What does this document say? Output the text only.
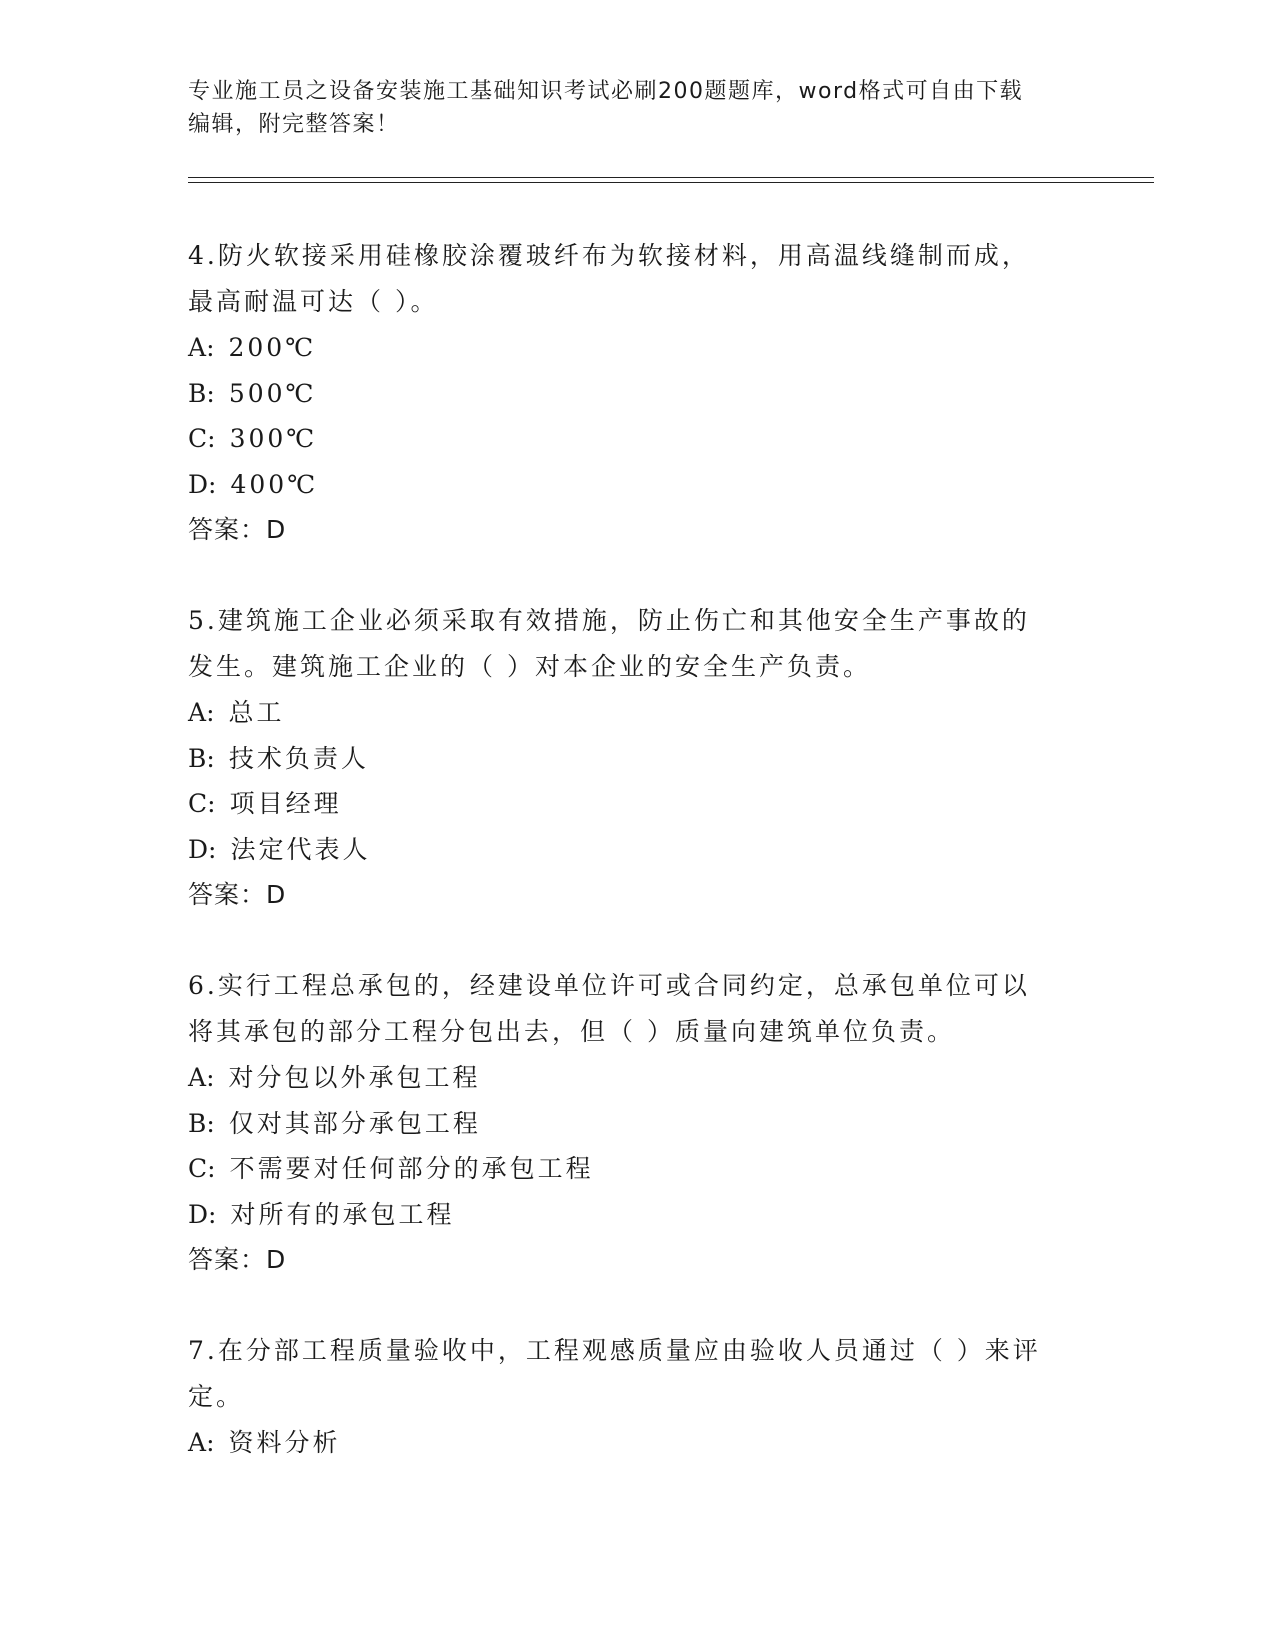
专业施工员之设备安装施工基础知识考试必刷200题题库，word格式可自由下载
编辑，附完整答案！
4.防火软接采用硅橡胶涂覆玻纤布为软接材料，用高温线缝制而成，
最高耐温可达（ ）。
A: 200℃
B: 500℃
C: 300℃
D: 400℃
答案：D
5.建筑施工企业必须采取有效措施，防止伤亡和其他安全生产事故的
发生。建筑施工企业的（ ）对本企业的安全生产负责。
A: 总工
B: 技术负责人
C: 项目经理
D: 法定代表人
答案：D
6.实行工程总承包的，经建设单位许可或合同约定，总承包单位可以
将其承包的部分工程分包出去，但（ ）质量向建筑单位负责。
A: 对分包以外承包工程
B: 仅对其部分承包工程
C: 不需要对任何部分的承包工程
D: 对所有的承包工程
答案：D
7.在分部工程质量验收中，工程观感质量应由验收人员通过（ ）来评
定。
A: 资料分析
